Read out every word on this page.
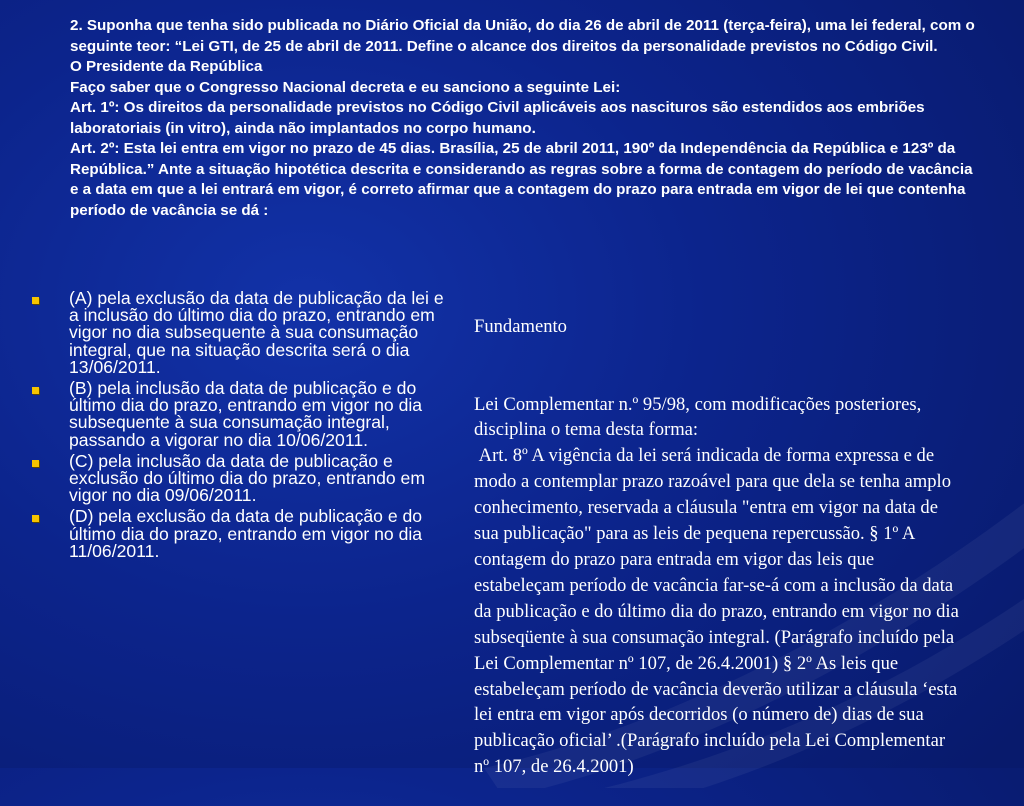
2. Suponha que tenha sido publicada no Diário Oficial da União, do dia 26 de abril de 2011 (terça-feira), uma lei federal, com o seguinte teor: “Lei GTI, de 25 de abril de 2011. Define o alcance dos direitos da personalidade previstos no Código Civil.

O Presidente da República

Faço saber que o Congresso Nacional decreta e eu sanciono a seguinte Lei:

Art. 1º: Os direitos da personalidade previstos no Código Civil aplicáveis aos nascituros são estendidos aos embriões laboratoriais (in vitro), ainda não implantados no corpo humano.

Art. 2º: Esta lei entra em vigor no prazo de 45 dias. Brasília, 25 de abril 2011, 190º da Independência da República e 123º da República.” Ante a situação hipotética descrita e considerando as regras sobre a forma de contagem do período de vacância e a data em que a lei entrará em vigor, é correto afirmar que a contagem do prazo para entrada em vigor de lei que contenha período de vacância se dá :

(A) pela exclusão da data de publicação da lei e a inclusão do último dia do prazo, entrando em vigor no dia subsequente à sua consumação integral, que na situação descrita será o dia 13/06/2011.
(B) pela inclusão da data de publicação e do último dia do prazo, entrando em vigor no dia subsequente à sua consumação integral, passando a vigorar no dia 10/06/2011.
(C) pela inclusão da data de publicação e exclusão do último dia do prazo, entrando em vigor no dia 09/06/2011.
(D) pela exclusão da data de publicação e do último dia do prazo, entrando em vigor no dia 11/06/2011.

Fundamento

Lei Complementar n.º 95/98, com modificações posteriores, disciplina o tema desta forma:
Art. 8º A vigência da lei será indicada de forma expressa e de modo a contemplar prazo razoável para que dela se tenha amplo conhecimento, reservada a cláusula "entra em vigor na data de sua publicação" para as leis de pequena repercussão. § 1º A contagem do prazo para entrada em vigor das leis que estabeleçam período de vacância far-se-á com a inclusão da data da publicação e do último dia do prazo, entrando em vigor no dia subseqüente à sua consumação integral. (Parágrafo incluído pela Lei Complementar nº 107, de 26.4.2001) § 2º As leis que estabeleçam período de vacância deverão utilizar a cláusula ‘esta lei entra em vigor após decorridos (o número de) dias de sua publicação oficial’ .(Parágrafo incluído pela Lei Complementar nº 107, de 26.4.2001)
